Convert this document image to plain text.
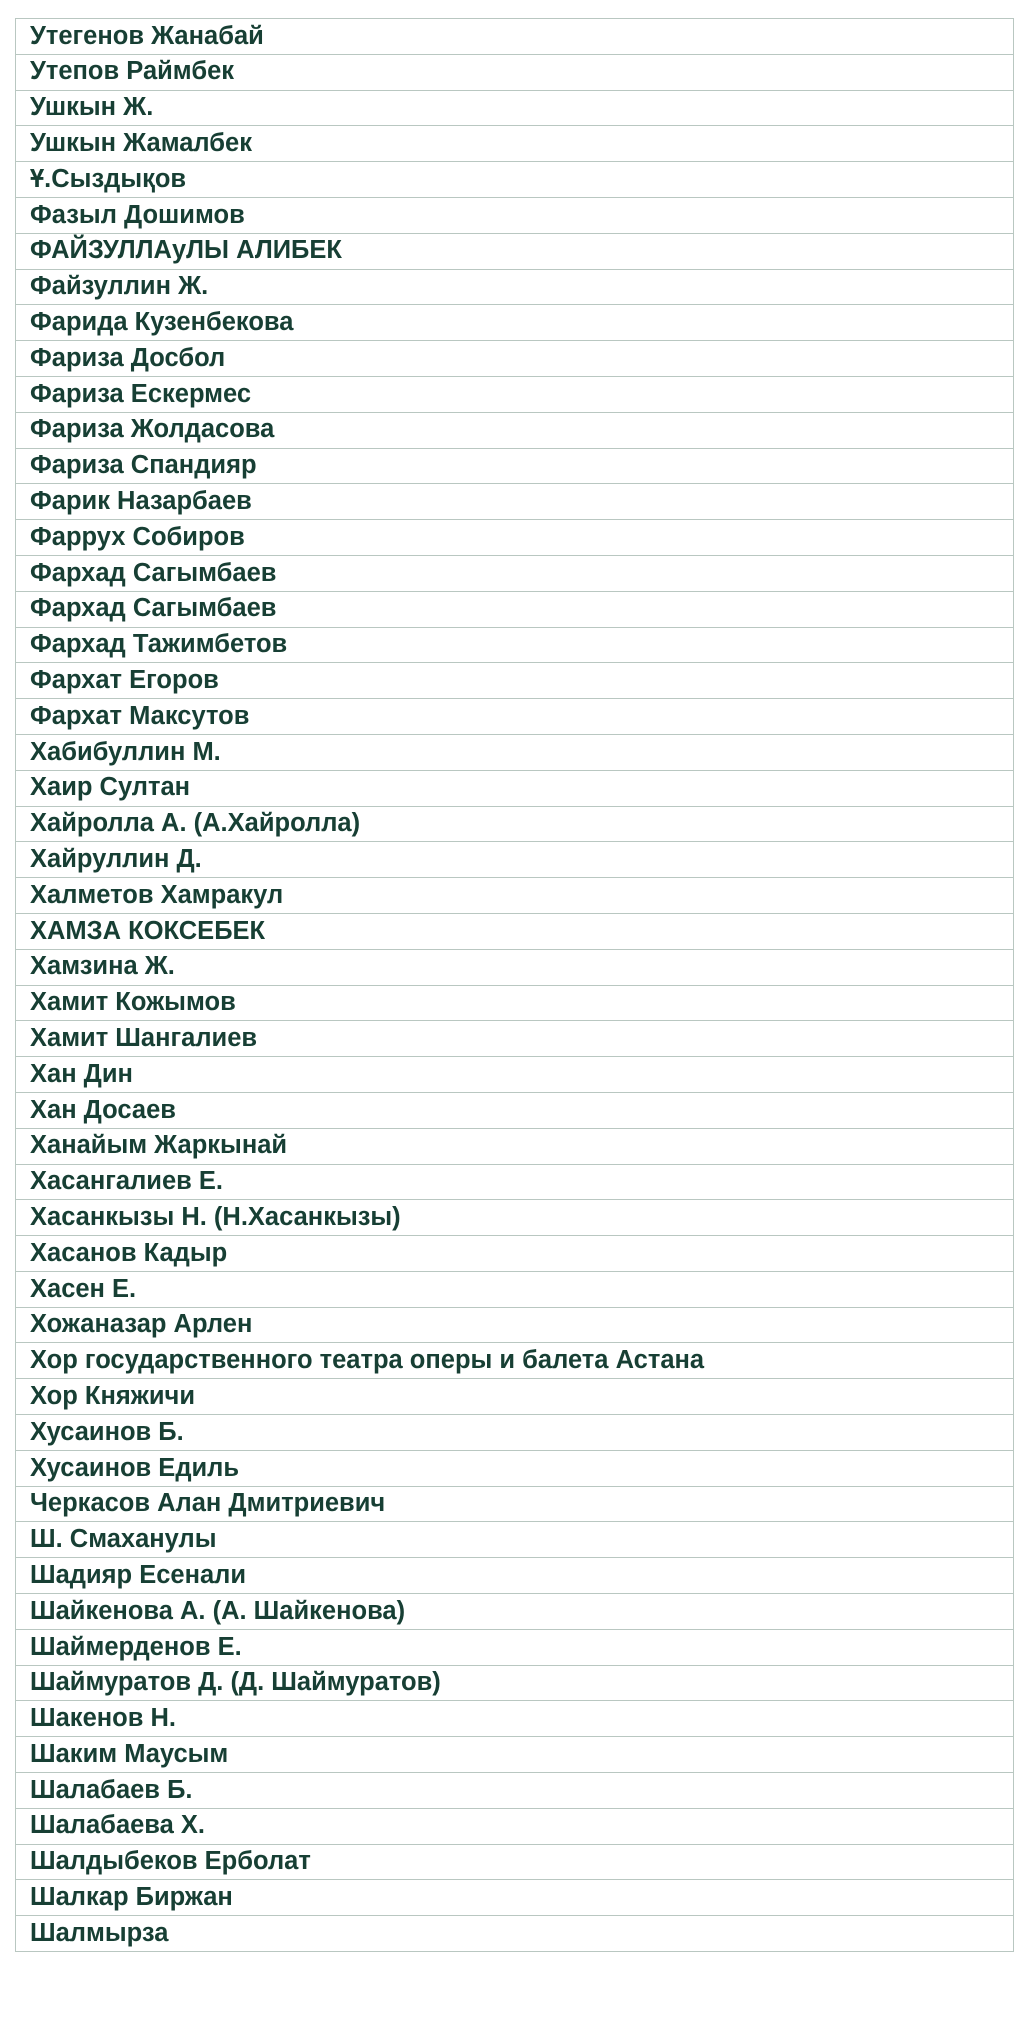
Утегенов Жанабай
Утепов Раймбек
Ушкын Ж.
Ушкын Жамалбек
Ұ.Сыздықов
Фазыл Дошимов
ФАЙЗУЛЛАуЛЫ АЛИБЕК
Файзуллин Ж.
Фарида Кузенбекова
Фариза Досбол
Фариза Ескермес
Фариза Жолдасова
Фариза Спандияр
Фарик Назарбаев
Фаррух Собиров
Фархад Сагымбаев
Фархад Сагымбаев
Фархад Тажимбетов
Фархат Егоров
Фархат Максутов
Хабибуллин М.
Хаир Султан
Хайролла А. (А.Хайролла)
Хайруллин Д.
Халметов Хамракул
ХАМЗА КОКСЕБЕК
Хамзина Ж.
Хамит Кожымов
Хамит Шангалиев
Хан Дин
Хан Досаев
Ханайым Жаркынай
Хасангалиев Е.
Хасанкызы Н. (Н.Хасанкызы)
Хасанов Кадыр
Хасен Е.
Хожаназар Арлен
Хор государственного театра оперы и балета Астана
Хор Княжичи
Хусаинов Б.
Хусаинов Едиль
Черкасов Алан Дмитриевич
Ш. Смаханулы
Шадияр Есенали
Шайкенова А. (А. Шайкенова)
Шаймерденов Е.
Шаймуратов Д. (Д. Шаймуратов)
Шакенов Н.
Шаким Маусым
Шалабаев Б.
Шалабаева Х.
Шалдыбеков Ерболат
Шалкар Биржан
Шалмырза
